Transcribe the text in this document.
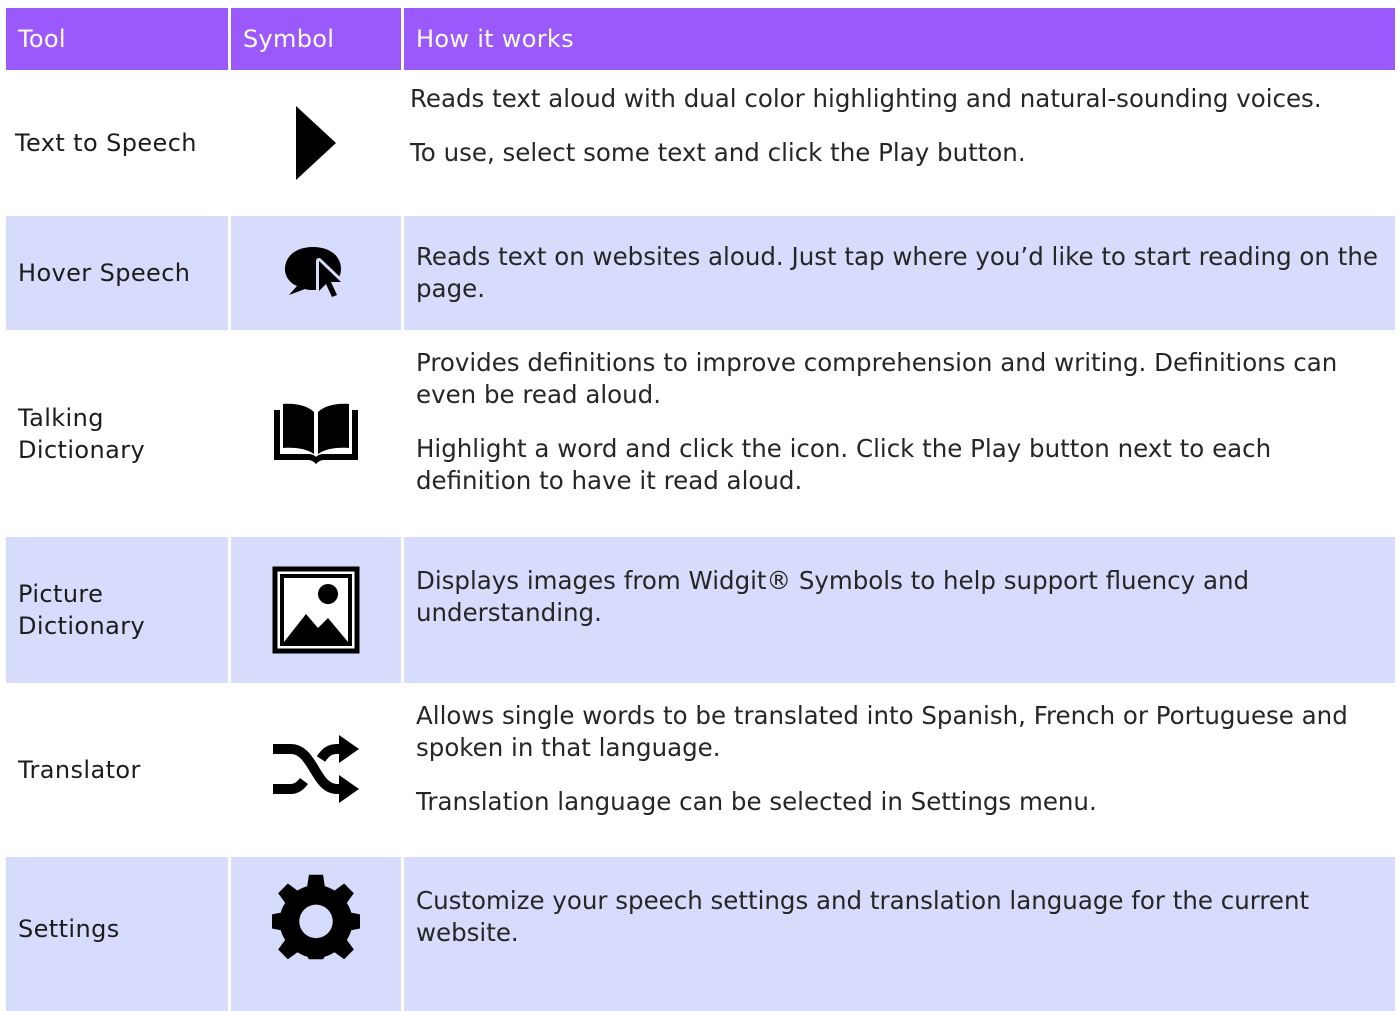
Tool	Symbol	How it works
Text to Speech

Reads text aloud with dual color highlighting and natural-sounding voices.

To use, select some text and click the Play button.

Hover Speech

Reads text on websites aloud. Just tap where you’d like to start reading on the page.

Talking Dictionary

Provides definitions to improve comprehension and writing. Definitions can even be read aloud.

Highlight a word and click the icon. Click the Play button next to each definition to have it read aloud.

Picture Dictionary

Displays images from Widgit® Symbols to help support fluency and understanding.

Translator

Allows single words to be translated into Spanish, French or Portuguese and spoken in that language.

Translation language can be selected in Settings menu.

Settings

Customize your speech settings and translation language for the current website.
